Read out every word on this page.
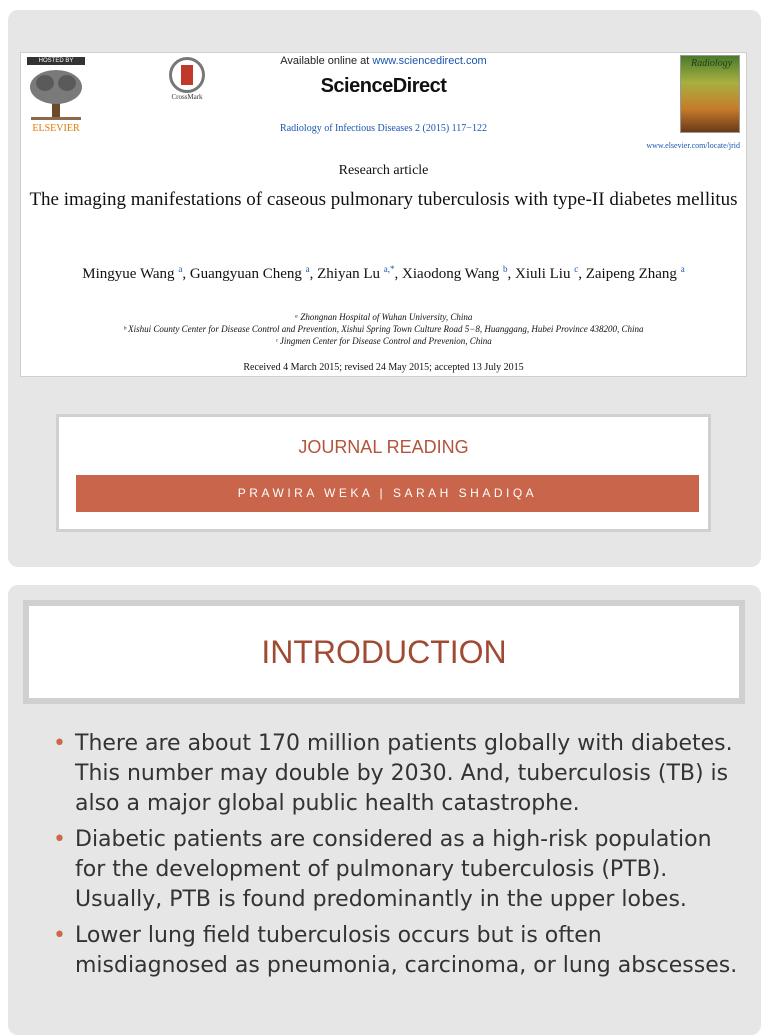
HOSTED BY
ELSEVIER
CrossMark
Available online at www.sciencedirect.com
ScienceDirect
Radiology of Infectious Diseases 2 (2015) 117−122
Radiology
www.elsevier.com/locate/jrid
Research article
The imaging manifestations of caseous pulmonary tuberculosis with type-II diabetes mellitus
Mingyue Wang $^a$, Guangyuan Cheng $^a$, Zhiyan Lu $^{a,*}$, Xiaodong Wang $^b$, Xiuli Liu $^c$, Zaipeng Zhang $^a$
ᵃ Zhongnan Hospital of Wuhan University, China
ᵇ Xishui County Center for Disease Control and Prevention, Xishui Spring Town Culture Road 5−8, Huanggang, Hubei Province 438200, China
ᶜ Jingmen Center for Disease Control and Prevenion, China
Received 4 March 2015; revised 24 May 2015; accepted 13 July 2015
JOURNAL READING
PRAWIRA WEKA | SARAH SHADIQA
INTRODUCTION
• There are about 170 million patients globally with diabetes. This number may double by 2030. And, tuberculosis (TB) is also a major global public health catastrophe.
• Diabetic patients are considered as a high-risk population for the development of pulmonary tuberculosis (PTB). Usually, PTB is found predominantly in the upper lobes.
• Lower lung field tuberculosis occurs but is often misdiagnosed as pneumonia, carcinoma, or lung abscesses.
